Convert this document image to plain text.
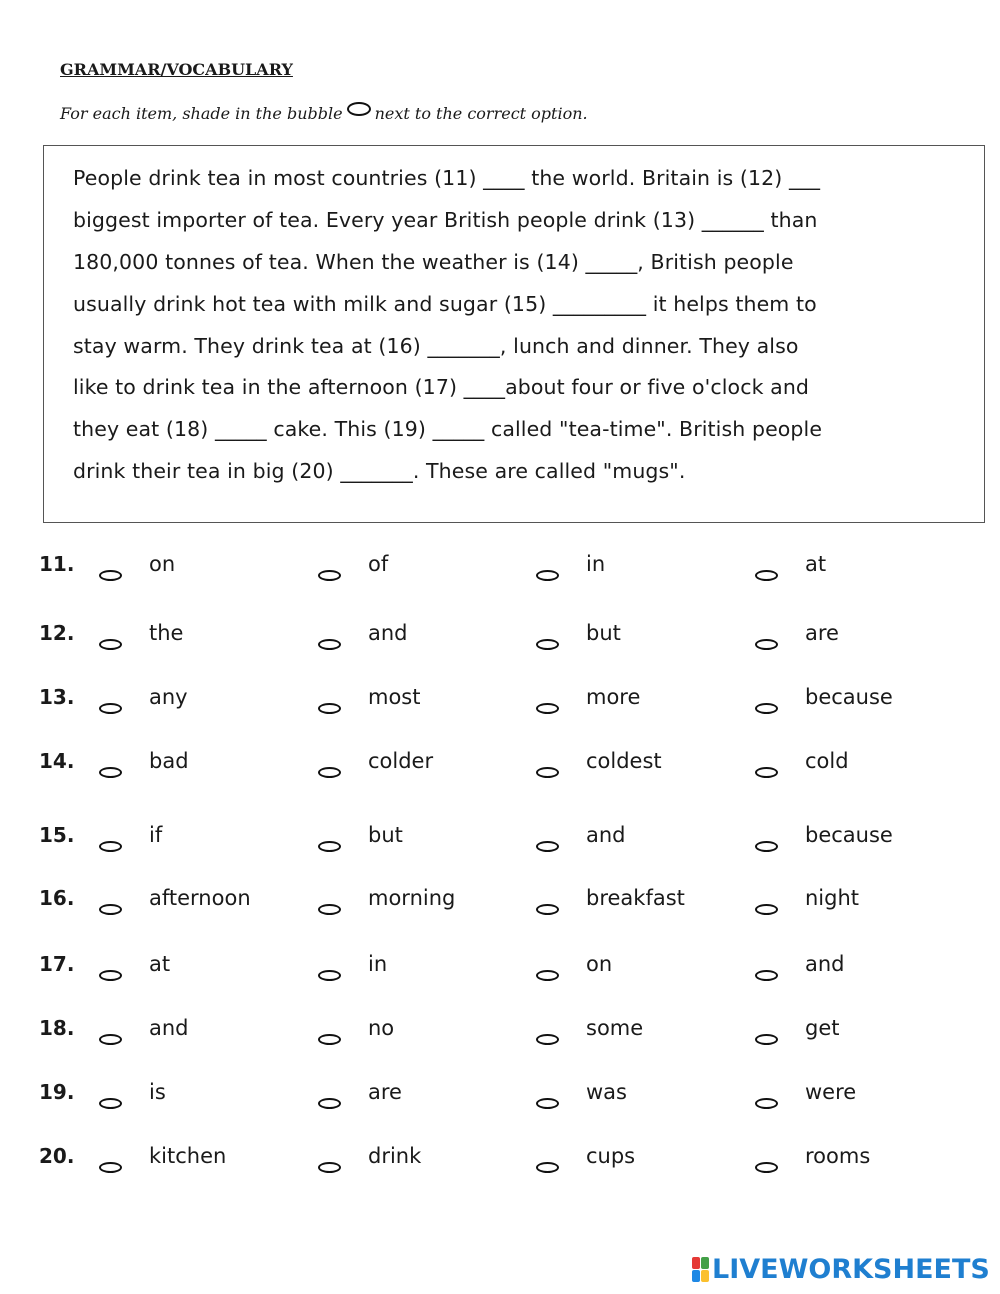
GRAMMAR/VOCABULARY
For each item, shade in the bubble next to the correct option.
People drink tea in most countries (11) ____ the world. Britain is (12) ___
biggest importer of tea. Every year British people drink (13) ______ than
180,000 tonnes of tea. When the weather is (14) _____, British people
usually drink hot tea with milk and sugar (15) _________ it helps them to
stay warm. They drink tea at (16) _______, lunch and dinner. They also
like to drink tea in the afternoon (17) ____about four or five o'clock and
they eat (18) _____ cake. This (19) _____ called "tea-time". British people
drink their tea in big (20) _______. These are called "mugs".
11.	on	of	in	at
12.	the	and	but	are
13.	any	most	more	because
14.	bad	colder	coldest	cold
15.	if	but	and	because
16.	afternoon	morning	breakfast	night
17.	at	in	on	and
18.	and	no	some	get
19.	is	are	was	were
20.	kitchen	drink	cups	rooms
LIVEWORKSHEETS
